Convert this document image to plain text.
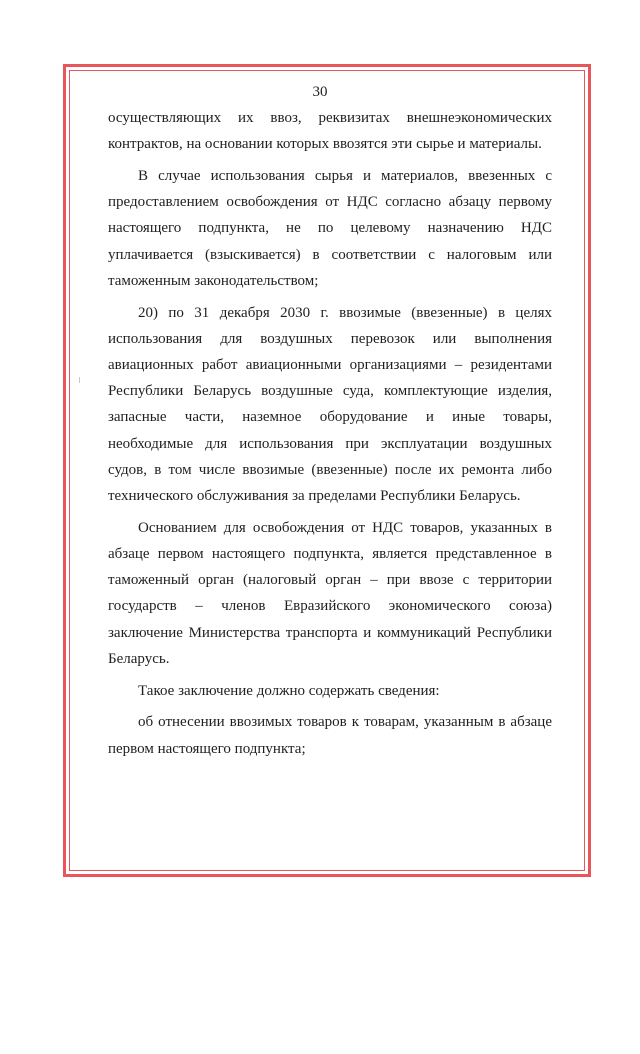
30

осуществляющих их ввоз, реквизитах внешнеэкономических контрактов, на основании которых ввозятся эти сырье и материалы.

В случае использования сырья и материалов, ввезенных с предоставлением освобождения от НДС согласно абзацу первому настоящего подпункта, не по целевому назначению НДС уплачивается (взыскивается) в соответствии с налоговым или таможенным законодательством;

20) по 31 декабря 2030 г. ввозимые (ввезенные) в целях использования для воздушных перевозок или выполнения авиационных работ авиационными организациями – резидентами Республики Беларусь воздушные суда, комплектующие изделия, запасные части, наземное оборудование и иные товары, необходимые для использования при эксплуатации воздушных судов, в том числе ввозимые (ввезенные) после их ремонта либо технического обслуживания за пределами Республики Беларусь.

Основанием для освобождения от НДС товаров, указанных в абзаце первом настоящего подпункта, является представленное в таможенный орган (налоговый орган – при ввозе с территории государств – членов Евразийского экономического союза) заключение Министерства транспорта и коммуникаций Республики Беларусь.

Такое заключение должно содержать сведения:

об отнесении ввозимых товаров к товарам, указанным в абзаце первом настоящего подпункта;
